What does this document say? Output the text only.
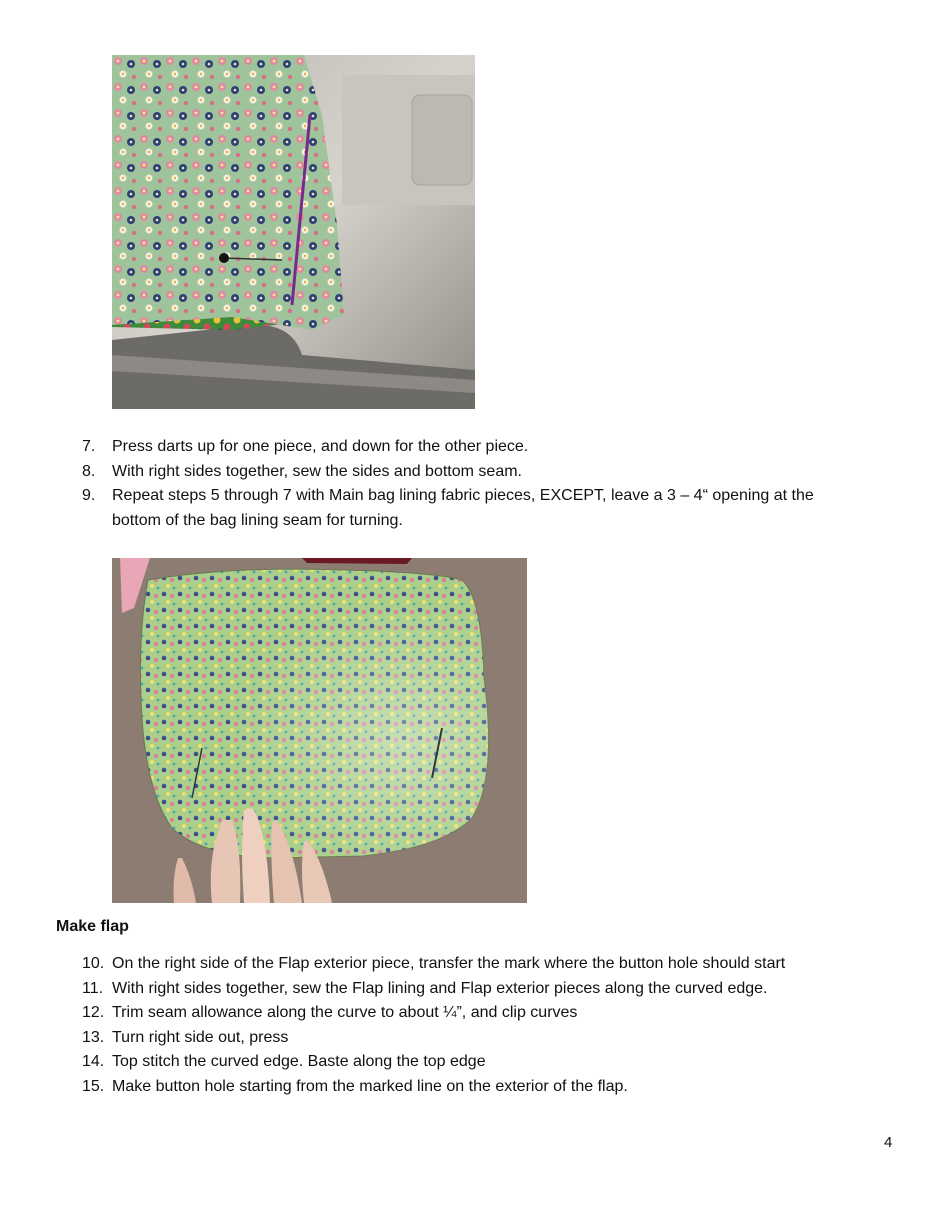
7.	Press darts up for one piece, and down for the other piece.
8.	With right sides together, sew the sides and bottom seam.
9.	Repeat steps 5 through 7 with Main bag lining fabric pieces, EXCEPT, leave a 3 – 4“ opening at the bottom of the bag lining seam for turning.
Make flap
10. On the right side of the Flap exterior piece, transfer the mark where the button hole should start
11. With right sides together, sew the Flap lining and Flap exterior pieces along the curved edge.
12. Trim seam allowance along the curve to about ¼”, and clip curves
13. Turn right side out, press
14. Top stitch the curved edge. Baste along the top edge
15. Make button hole starting from the marked line on the exterior of the flap.
4
